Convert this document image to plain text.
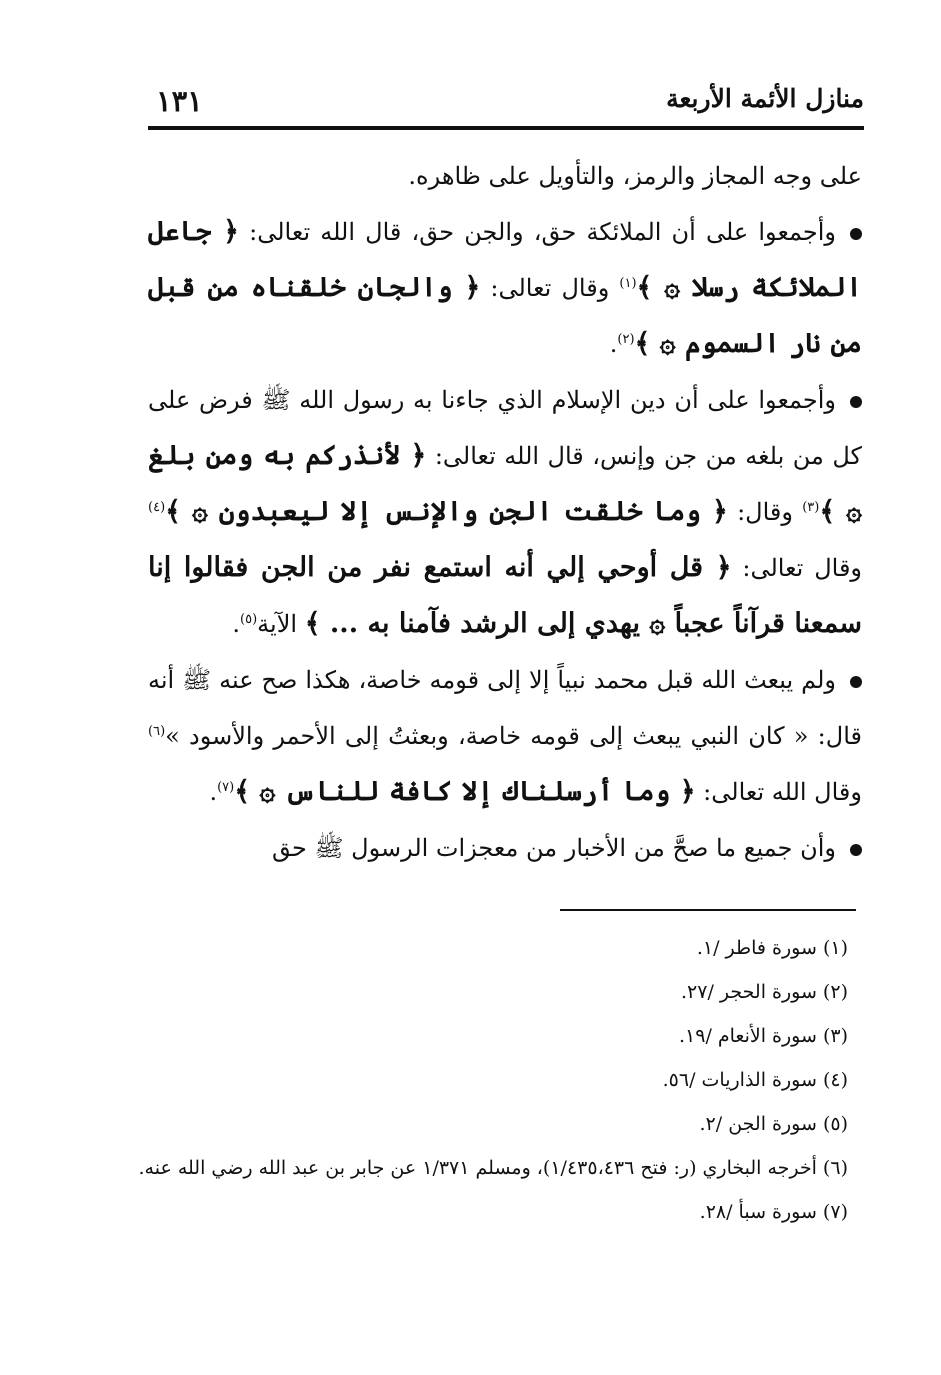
١٣١	منازل الأئمة الأربعة

على وجه المجاز والرمز، والتأويل على ظاهره.

وأجمعوا على أن الملائكة حق، والجن حق، قال الله تعالى: ﴿ جاعل الملائكة رسلا ۞ ﴾$^{(١)}$ وقال تعالى: ﴿ والجان خلقناه من قبل من نار السموم ۞ ﴾$^{(٢)}$.

وأجمعوا على أن دين الإسلام الذي جاءنا به رسول الله ﷺ فرض على كل من بلغه من جن وإنس، قال الله تعالى: ﴿ لأنذركم به ومن بلغ ۞ ﴾$^{(٣)}$ وقال: ﴿ وما خلقت الجن والإنس إلا ليعبدون ۞ ﴾$^{(٤)}$ وقال تعالى: ﴿ قل أوحي إلي أنه استمع نفر من الجن فقالوا إنا سمعنا قرآناً عجباً ۞ يهدي إلى الرشد فآمنا به ... ﴾ الآية$^{(٥)}$.

ولم يبعث الله قبل محمد نبياً إلا إلى قومه خاصة، هكذا صح عنه ﷺ أنه قال: « كان النبي يبعث إلى قومه خاصة، وبعثتُ إلى الأحمر والأسود »$^{(٦)}$ وقال الله تعالى: ﴿ وما أرسلناك إلا كافة للناس ۞ ﴾$^{(٧)}$.

وأن جميع ما صحَّ من الأخبار من معجزات الرسول ﷺ حق

(١) سورة فاطر /١.
(٢) سورة الحجر /٢٧.
(٣) سورة الأنعام /١٩.
(٤) سورة الذاريات /٥٦.
(٥) سورة الجن /٢.
(٦) أخرجه البخاري (ر: فتح ١/٤٣٥،٤٣٦)، ومسلم ١/٣٧١ عن جابر بن عبد الله رضي الله عنه.
(٧) سورة سبأ /٢٨.
